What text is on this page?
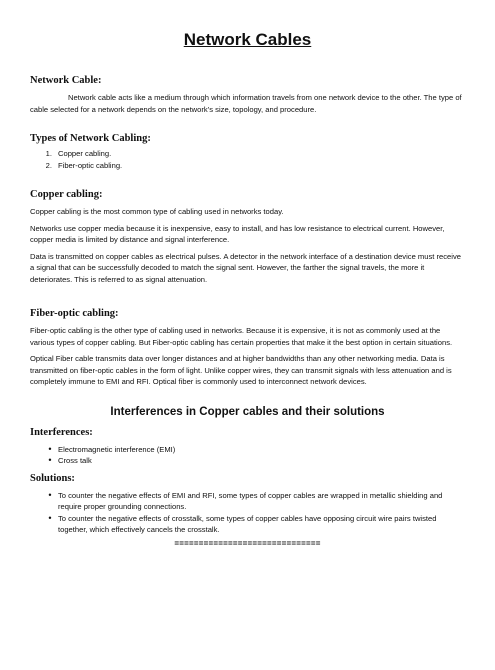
Network Cables
Network Cable:
Network cable acts like a medium through which information travels from one network device to the other. The type of cable selected for a network depends on the network’s size, topology, and procedure.
Types of Network Cabling:
1. Copper cabling.
2. Fiber-optic cabling.
Copper cabling:
Copper cabling is the most common type of cabling used in networks today.
Networks use copper media because it is inexpensive, easy to install, and has low resistance to electrical current. However, copper media is limited by distance and signal interference.
Data is transmitted on copper cables as electrical pulses. A detector in the network interface of a destination device must receive a signal that can be successfully decoded to match the signal sent. However, the farther the signal travels, the more it deteriorates. This is referred to as signal attenuation.
Fiber-optic cabling:
Fiber-optic cabling is the other type of cabling used in networks. Because it is expensive, it is not as commonly used at the various types of copper cabling. But Fiber-optic cabling has certain properties that make it the best option in certain situations.
Optical Fiber cable transmits data over longer distances and at higher bandwidths than any other networking media. Data is transmitted on fiber-optic cables in the form of light. Unlike copper wires, they can transmit signals with less attenuation and is completely immune to EMI and RFI. Optical fiber is commonly used to interconnect network devices.
Interferences in Copper cables and their solutions
Interferences:
• Electromagnetic interference (EMI)
• Cross talk
Solutions:
• To counter the negative effects of EMI and RFI, some types of copper cables are wrapped in metallic shielding and require proper grounding connections.
• To counter the negative effects of crosstalk, some types of copper cables have opposing circuit wire pairs twisted together, which effectively cancels the crosstalk.
==============================
